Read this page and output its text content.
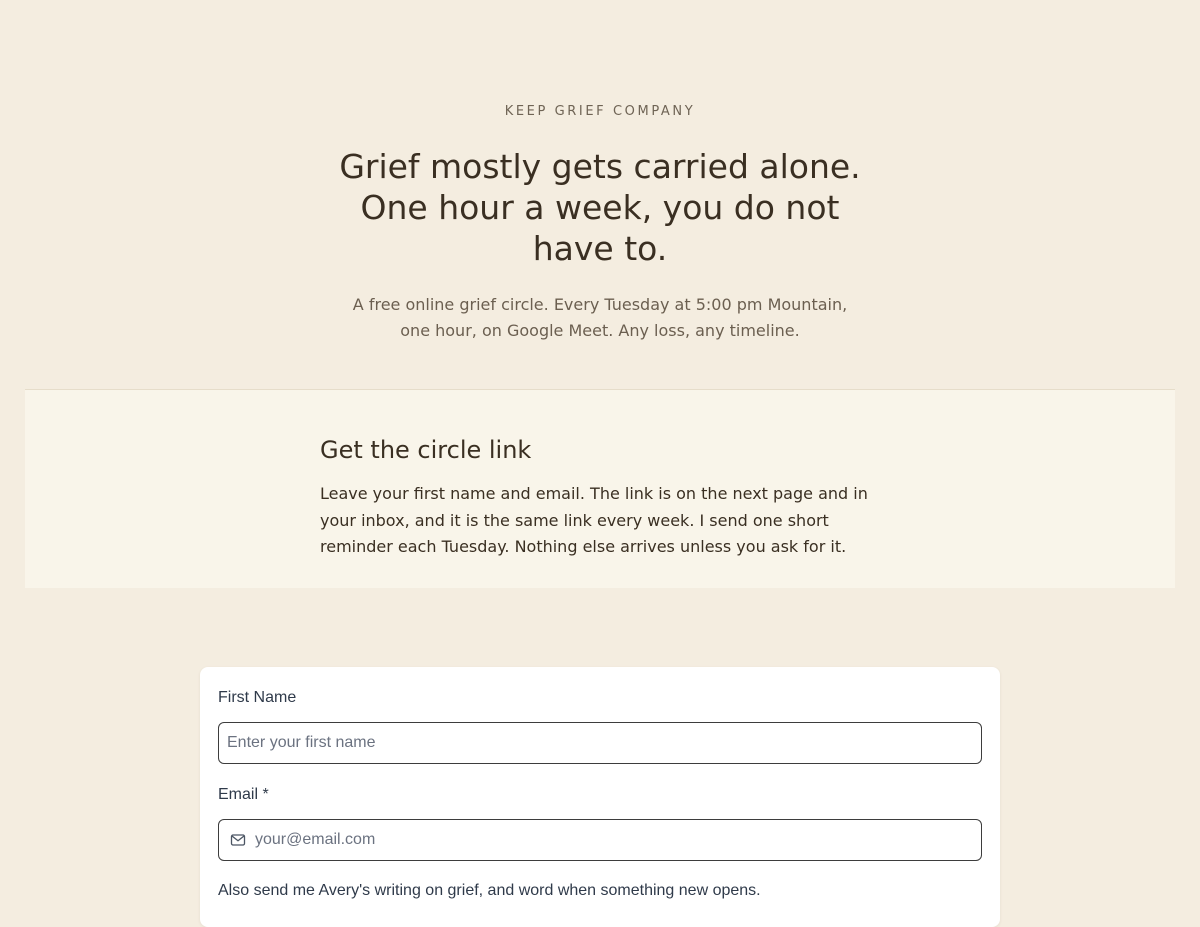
KEEP GRIEF COMPANY
Grief mostly gets carried alone. One hour a week, you do not have to.

A free online grief circle. Every Tuesday at 5:00 pm Mountain, one hour, on Google Meet. Any loss, any timeline.

Get the circle link

Leave your first name and email. The link is on the next page and in your inbox, and it is the same link every week. I send one short reminder each Tuesday. Nothing else arrives unless you ask for it.

First Name
Enter your first name
Email *
your@email.com
Also send me Avery's writing on grief, and word when something new opens.
